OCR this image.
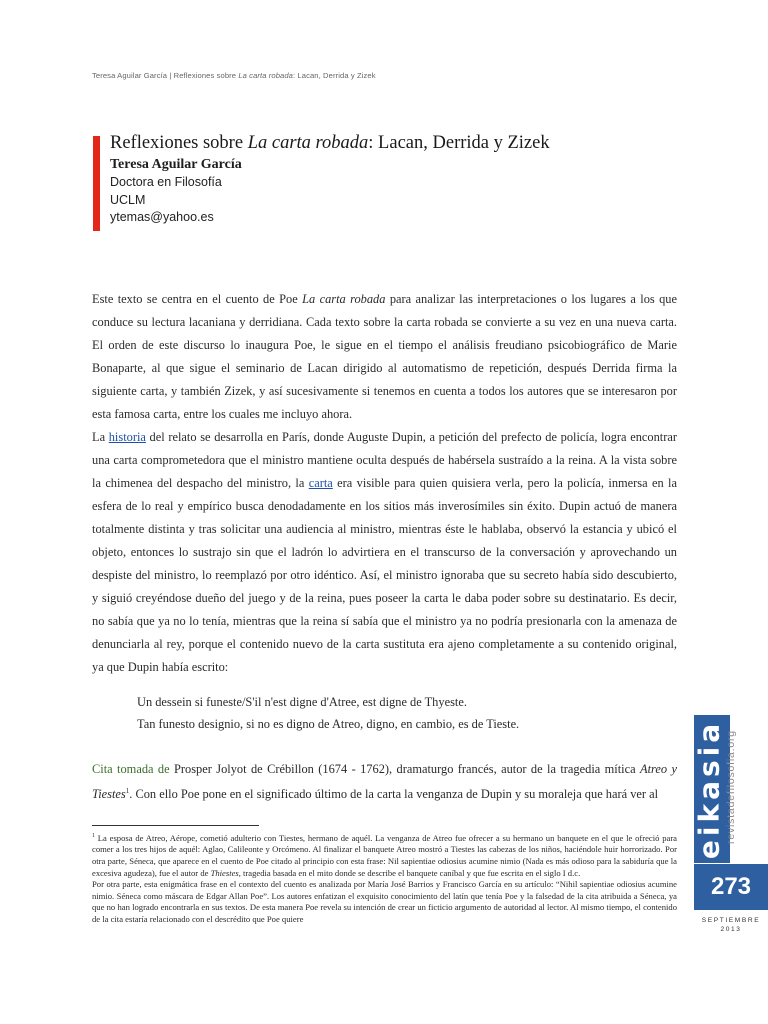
Teresa Aguilar García | Reflexiones sobre La carta robada: Lacan, Derrida y Zizek
Reflexiones sobre La carta robada: Lacan, Derrida y Zizek
Teresa Aguilar García
Doctora en Filosofía
UCLM
ytemas@yahoo.es

Este texto se centra en el cuento de Poe La carta robada para analizar las interpretaciones o los lugares a los que conduce su lectura lacaniana y derridiana. Cada texto sobre la carta robada se convierte a su vez en una nueva carta. El orden de este discurso lo inaugura Poe, le sigue en el tiempo el análisis freudiano psicobiográfico de Marie Bonaparte, al que sigue el seminario de Lacan dirigido al automatismo de repetición, después Derrida firma la siguiente carta, y también Zizek, y así sucesivamente si tenemos en cuenta a todos los autores que se interesaron por esta famosa carta, entre los cuales me incluyo ahora.

La historia del relato se desarrolla en París, donde Auguste Dupin, a petición del prefecto de policía, logra encontrar una carta comprometedora que el ministro mantiene oculta después de habérsela sustraído a la reina. A la vista sobre la chimenea del despacho del ministro, la carta era visible para quien quisiera verla, pero la policía, inmersa en la esfera de lo real y empírico busca denodadamente en los sitios más inverosímiles sin éxito. Dupin actuó de manera totalmente distinta y tras solicitar una audiencia al ministro, mientras éste le hablaba, observó la estancia y ubicó el objeto, entonces lo sustrajo sin que el ladrón lo advirtiera en el transcurso de la conversación y aprovechando un despiste del ministro, lo reemplazó por otro idéntico. Así, el ministro ignoraba que su secreto había sido descubierto, y siguió creyéndose dueño del juego y de la reina, pues poseer la carta le daba poder sobre su destinatario. Es decir, no sabía que ya no lo tenía, mientras que la reina sí sabía que el ministro ya no podría presionarla con la amenaza de denunciarla al rey, porque el contenido nuevo de la carta sustituta era ajeno completamente a su contenido original, ya que Dupin había escrito:

Un dessein si funeste/S'il n'est digne d'Atree, est digne de Thyeste.
Tan funesto designio, si no es digno de Atreo, digno, en cambio, es de Tieste.
Cita tomada de Prosper Jolyot de Crébillon (1674 - 1762), dramaturgo francés, autor de la tragedia mítica Atreo y Tiestes$^1$. Con ello Poe pone en el significado último de la carta la venganza de Dupin y su moraleja que hará ver al

$^1$ La esposa de Atreo, Aérope, cometió adulterio con Tiestes, hermano de aquél. La venganza de Atreo fue ofrecer a su hermano un banquete en el que le ofreció para comer a los tres hijos de aquél: Aglao, Calileonte y Orcómeno. Al finalizar el banquete Atreo mostró a Tiestes las cabezas de los niños, haciéndole huir horrorizado. Por otra parte, Séneca, que aparece en el cuento de Poe citado al principio con esta frase: Nil sapientiae odiosius acumine nimio (Nada es más odioso para la sabiduría que la excesiva agudeza), fue el autor de Thiestes, tragedia basada en el mito donde se describe el banquete caníbal y que fue escrita en el siglo I d.c.

Por otra parte, esta enigmática frase en el contexto del cuento es analizada por María José Barrios y Francisco García en su artículo: “Nihil sapientiae odiosius acumine nimio. Séneca como máscara de Edgar Allan Poe”. Los autores enfatizan el exquisito conocimiento del latín que tenía Poe y la falsedad de la cita atribuida a Séneca, ya que no han logrado encontrarla en sus textos. De esta manera Poe revela su intención de crear un ficticio argumento de autoridad al lector. Al mismo tiempo, el contenido de la cita estaría relacionado con el descrédito que Poe quiere

eikasia revistadefilosofia.org
273
SEPTIEMBRE
2013
